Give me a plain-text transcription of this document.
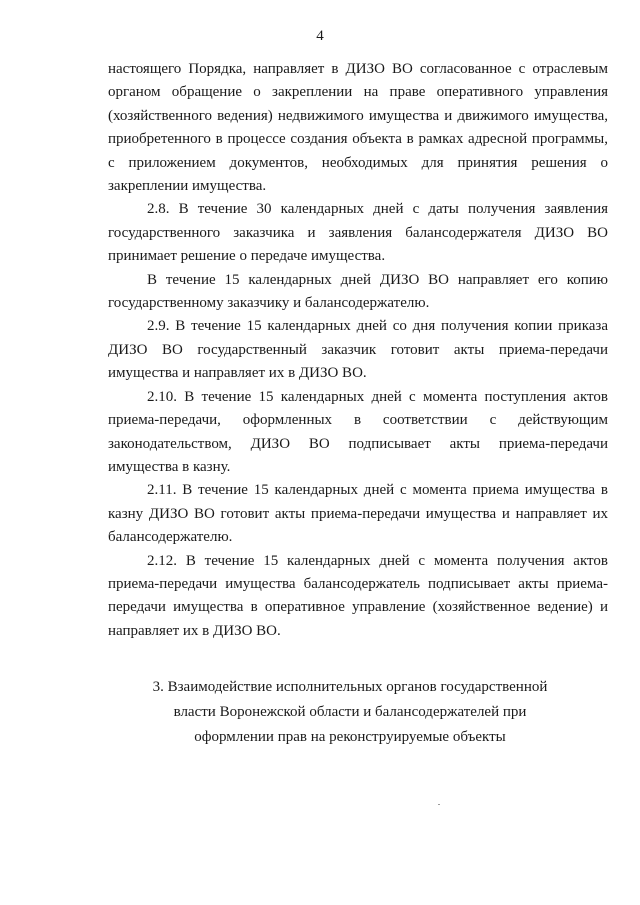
4
настоящего Порядка, направляет в ДИЗО ВО согласованное с отраслевым
органом обращение о закреплении на праве оперативного управления
(хозяйственного ведения) недвижимого имущества и движимого имущества,
приобретенного в процессе создания объекта в рамках адресной программы,
с приложением документов, необходимых для принятия решения о
закреплении имущества.
2.8. В течение 30 календарных дней с даты получения заявления
государственного заказчика и заявления балансодержателя ДИЗО ВО
принимает решение о передаче имущества.
В течение 15 календарных дней ДИЗО ВО направляет его копию
государственному заказчику и балансодержателю.
2.9. В течение 15 календарных дней со дня получения копии приказа
ДИЗО ВО государственный заказчик готовит акты приема-передачи
имущества и направляет их в ДИЗО ВО.
2.10. В течение 15 календарных дней с момента поступления актов
приема-передачи, оформленных в соответствии с действующим
законодательством, ДИЗО ВО подписывает акты приема-передачи
имущества в казну.
2.11. В течение 15 календарных дней с момента приема имущества в
казну ДИЗО ВО готовит акты приема-передачи имущества и направляет их
балансодержателю.
2.12. В течение 15 календарных дней с момента получения актов
приема-передачи имущества балансодержатель подписывает акты приема-
передачи имущества в оперативное управление (хозяйственное ведение) и
направляет их в ДИЗО ВО.
3. Взаимодействие исполнительных органов государственной
власти Воронежской области и балансодержателей при
оформлении прав на реконструируемые объекты
